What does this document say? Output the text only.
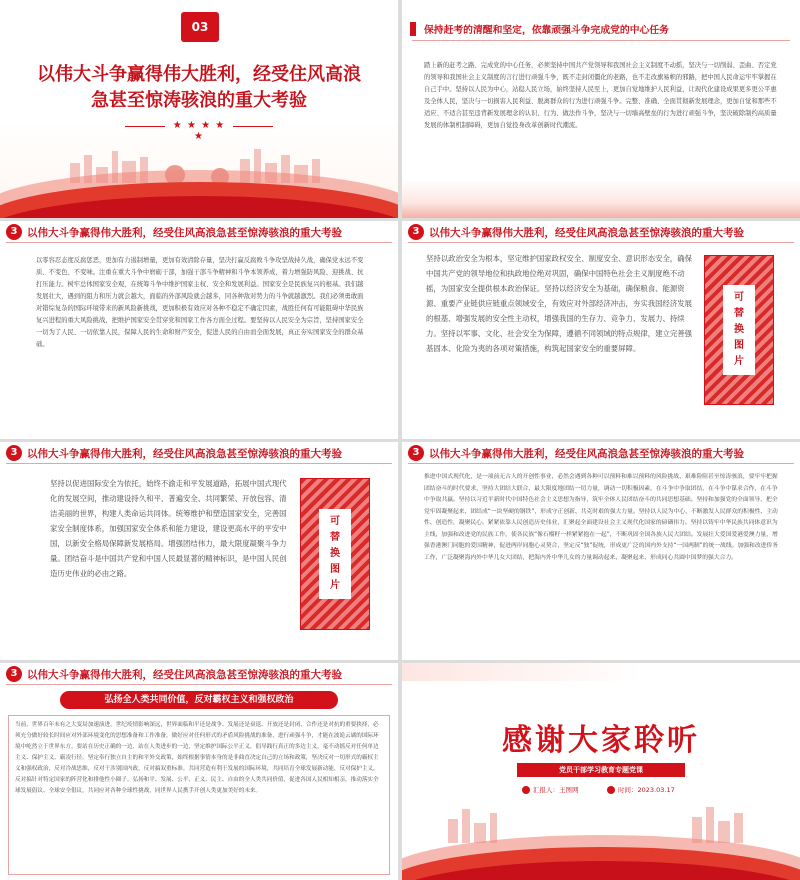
03
以伟大斗争赢得伟大胜利，经受住风高浪
急甚至惊涛骇浪的重大考验
★ ★ ★ ★ ★
保持赶考的清醒和坚定，依靠顽强斗争完成党的中心任务
踏上新的赶考之路、完成党的中心任务，必须坚持中国共产党领导和我国社会主义制度不动摇，坚决与一切削弱、歪曲、否定党的领导和我国社会主义制度的言行进行顽强斗争，既不走封闭僵化的老路，也不走改旗易帜的邪路，把中国人民命运牢牢掌握在自己手中。坚持以人民为中心，站稳人民立场，始终坚持人民至上，更加自觉地维护人民利益，让现代化建设成果更多更公平惠及全体人民，坚决与一切损害人民利益、脱离群众的行为进行顽强斗争。完整、准确、全面贯彻新发展理念，更加自觉和那些不适应、不适合甚至违背新发展理念的认识、行为、做法作斗争，坚决与一切墙高壁垒的行为进行顽强斗争，坚决破除制约高质量发展的体制机制障碍，更加自觉投身改革创新时代潮流。
3 以伟大斗争赢得伟大胜利，经受住风高浪急甚至惊涛骇浪的重大考验
以零容忍态度反腐惩恶，更加有力遏制增量，更加有效清除存量，坚决打赢反腐败斗争攻坚战持久战，确保党永远不变质、不变色、不变味。注重在重大斗争中磨砺干部，加强干部斗争精神和斗争本领养成，着力增强防风险、迎挑战、抗打压能力。树牢总体国家安全观，在统筹斗争中维护国家主权、安全和发展利益。国家安全是民族复兴的根基。我们越发展壮大，遇到的阻力和压力就会越大，面临的外部风险就会越多，同各种敌对势力的斗争就越激烈。我们必须勇敢面对错综复杂的国际环境带来的新风险新挑战，更加积极有效应对各种不稳定不确定因素，战胜任何有可能阻碍中华民族复兴进程的重大风险挑战，把维护国家安全贯穿党和国家工作各方面全过程。要坚持以人民安全为宗旨，坚持国家安全一切为了人民、一切依靠人民，保障人民的生命和财产安全，促进人民的自由而全面发展，真正夯实国家安全的群众基础。
3 以伟大斗争赢得伟大胜利，经受住风高浪急甚至惊涛骇浪的重大考验
坚持以政治安全为根本，坚定维护国家政权安全、制度安全、意识形态安全，确保中国共产党的领导地位和执政地位绝对巩固，确保中国特色社会主义制度绝不动摇，为国家安全提供根本政治保证。坚持以经济安全为基础，确保粮食、能源资源、重要产业链供应链重点领域安全，有效应对外部经济冲击，夯实我国经济发展的根基、增强发展的安全性主动权，增强我国的生存力、竞争力、发展力、持续力。坚持以军事、文化、社会安全为保障，遵循不同领域的特点规律，建立完善强基固本、化险为夷的各项对策措施，构筑起国家安全的重要屏障。
可
替
换
图
片
3 以伟大斗争赢得伟大胜利，经受住风高浪急甚至惊涛骇浪的重大考验
可
替
换
图
片
坚持以促进国际安全为依托，始终不渝走和平发展道路，拓展中国式现代化的发展空间，推动建设持久和平、普遍安全、共同繁荣、开放包容、清洁美丽的世界，构建人类命运共同体。统筹维护和塑造国家安全，完善国家安全制度体系，加强国家安全体系和能力建设，建设更高水平的平安中国，以新安全格局保障新发展格局。增强团结伟力，最大限度凝聚斗争力量。团结奋斗是中国共产党和中国人民最显著的精神标识，是中国人民创造历史伟业的必由之路。
3 以伟大斗争赢得伟大胜利，经受住风高浪急甚至惊涛骇浪的重大考验
推进中国式现代化，是一项前无古人的开创性事业，必然会遇到各种可以预料和难以预料的风险挑战、艰难险阻甚至惊涛骇浪，要牢牢把握团结奋斗的时代要求，坚持大团结大联合，最大限度地团结一切力量，调动一切积极因素，在斗争中争取团结，在斗争中谋求合作，在斗争中争取共赢。坚持以习近平新时代中国特色社会主义思想为指导，筑牢全体人民团结奋斗的共同思想基础。坚持和加强党的全面领导，把全党牢固凝聚起来，团结成“一块坚硬的钢铁”，形成守正创新、共克时艰的强大力量。坚持以人民为中心，不断激发人民群众的积极性、主动性、创造性，凝聚民心。紧紧依靠人民创造历史伟业，汇聚起全面建设社会主义现代化国家的磅礴伟力。坚持以铸牢中华民族共同体意识为主线，加强和改进党的民族工作，使各民族“像石榴籽一样紧紧抱在一起”，不断巩固全国各族人民大团结。发展壮大爱国爱港爱澳力量，增强香港澳门同胞的爱国精神，促进两岸同胞心灵契合，坚定反“独”促统，形成更广泛的国内外支持“一国两制”的统一战线。加强和改进侨务工作，广泛凝聚海内外中华儿女大团结，把海内外中华儿女的力量调动起来、凝聚起来，形成同心共圆中国梦的强大合力。
3 以伟大斗争赢得伟大胜利，经受住风高浪急甚至惊涛骇浪的重大考验
弘扬全人类共同价值，反对霸权主义和强权政治
当前，世界百年未有之大变局加速演进，世纪疫情影响深远，世界面临和平还是战争、发展还是衰退、开放还是封闭、合作还是对抗的重要抉择，必须充分做好较长时间应对外部环境变化的思想准备和工作准备，做好应对任何形式的矛盾风险挑战的准备，进行顽强斗争，才能在波诡云谲的国际环境中屹然立于世界东方。要站在历史正确的一边、站在人类进步的一边，坚定维护国际公平正义，倡导践行真正的多边主义，毫不动摇反对任何单边主义、保护主义、霸凌行径。坚定奉行独立自主的和平外交政策，始终根据事情本身的是非曲直决定自己的立场和政策，坚决反对一切形式的霸权主义和强权政治，反对冷战思维，反对干涉别国内政，反对搞双重标准。共同营造有利于发展的国际环境，共同培育全球发展新动能，反对保护主义，反对搞针对特定国家的阵营化和排他性小圈子。弘扬和平、发展、公平、正义、民主、自由的全人类共同价值，促进各国人民相知相亲，推动落实全球发展倡议、全球安全倡议，共同应对各种全球性挑战，同世界人民携手开创人类更加美好的未来。
感谢大家聆听
党员干部学习教育专题党课
汇报人：王图网	时间：2023.03.17
